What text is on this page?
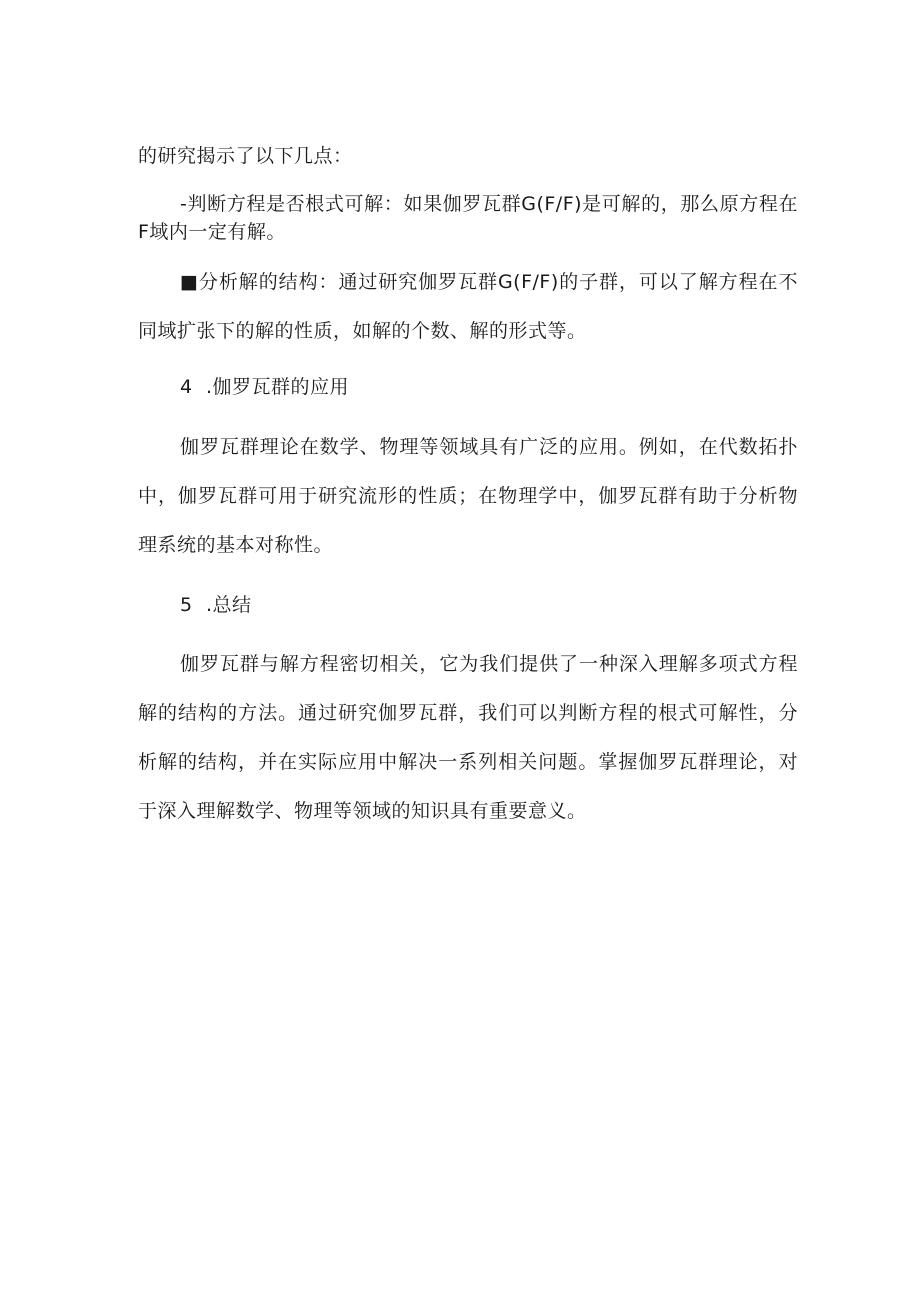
的研究揭示了以下几点：

-判断方程是否根式可解：如果伽罗瓦群G(F/F)是可解的，那么原方程在F域内一定有解。

■分析解的结构：通过研究伽罗瓦群G(F/F)的子群，可以了解方程在不同域扩张下的解的性质，如解的个数、解的形式等。

4 .伽罗瓦群的应用

伽罗瓦群理论在数学、物理等领域具有广泛的应用。例如，在代数拓扑中，伽罗瓦群可用于研究流形的性质；在物理学中，伽罗瓦群有助于分析物理系统的基本对称性。

5 .总结

伽罗瓦群与解方程密切相关，它为我们提供了一种深入理解多项式方程解的结构的方法。通过研究伽罗瓦群，我们可以判断方程的根式可解性，分析解的结构，并在实际应用中解决一系列相关问题。掌握伽罗瓦群理论，对于深入理解数学、物理等领域的知识具有重要意义。
